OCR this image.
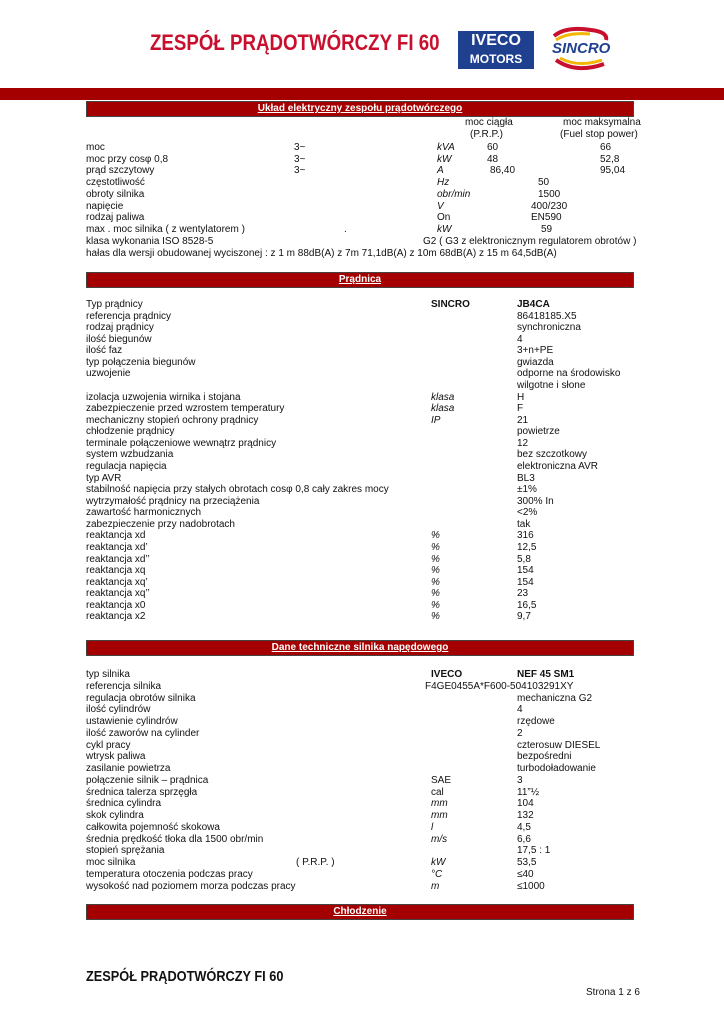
ZESPÓŁ PRĄDOTWÓRCZY FI 60	IVECO
MOTORS
SINCRO
Układ elektryczny zespołu prądotwórczego
moc ciągła
(P.R.P.)
moc maksymalna
(Fuel stop power)
moc	3~	kVA	60	66
moc przy cosφ 0,8	3~	kW	48	52,8
prąd szczytowy	3~	A	86,40	95,04
częstotliwość	Hz	50
obroty silnika	obr/min	1500
napięcie	V	400/230
rodzaj paliwa	On	EN590
max . moc silnika ( z wentylatorem )	.	kW	59
klasa wykonania ISO 8528-5	G2 ( G3 z elektronicznym regulatorem obrotów )
hałas dla wersji obudowanej wyciszonej : z 1 m 88dB(A) z 7m 71,1dB(A) z 10m 68dB(A) z 15 m 64,5dB(A)
Prądnica
Typ prądnicy	SINCRO	JB4CA
referencja prądnicy	86418185.X5
rodzaj prądnicy	synchroniczna
ilość biegunów	4
ilość faz	3+n+PE
typ połączenia biegunów	gwiazda
uzwojenie	odporne na środowisko
wilgotne i słone
izolacja uzwojenia wirnika i stojana	klasa	H
zabezpieczenie przed wzrostem temperatury	klasa	F
mechaniczny stopień ochrony prądnicy	IP	21
chłodzenie prądnicy	powietrze
terminale połączeniowe wewnątrz prądnicy	12
system wzbudzania	bez szczotkowy
regulacja napięcia	elektroniczna AVR
typ AVR	BL3
stabilność napięcia przy stałych obrotach cosφ 0,8 cały zakres mocy	±1%
wytrzymałość prądnicy na przeciążenia	300% In
zawartość harmonicznych	<2%
zabezpieczenie przy nadobrotach	tak
reaktancja xd	%	316
reaktancja xd’	%	12,5
reaktancja xd’’	%	5,8
reaktancja xq	%	154
reaktancja xq’	%	154
reaktancja xq’’	%	23
reaktancja x0	%	16,5
reaktancja x2	%	9,7
Dane techniczne silnika napędowego
typ silnika	IVECO	NEF 45 SM1
referencja silnika	F4GE0455A*F600-504103291XY
regulacja obrotów silnika	mechaniczna G2
ilość cylindrów	4
ustawienie cylindrów	rzędowe
ilość zaworów na cylinder	2
cykl pracy	czterosuw DIESEL
wtrysk paliwa	bezpośredni
zasilanie powietrza	turbodoładowanie
połączenie silnik – prądnica	SAE	3
średnica talerza sprzęgła	cal	11”½
średnica cylindra	mm	104
skok cylindra	mm	132
całkowita pojemność skokowa	l	4,5
średnia prędkość tłoka dla 1500 obr/min	m/s	6,6
stopień sprężania	17,5 : 1
moc silnika	( P.R.P. )	kW	53,5
temperatura otoczenia podczas pracy	°C	≤40
wysokość nad poziomem morza podczas pracy	m	≤1000
Chłodzenie
ZESPÓŁ PRĄDOTWÓRCZY FI 60
Strona 1 z 6
